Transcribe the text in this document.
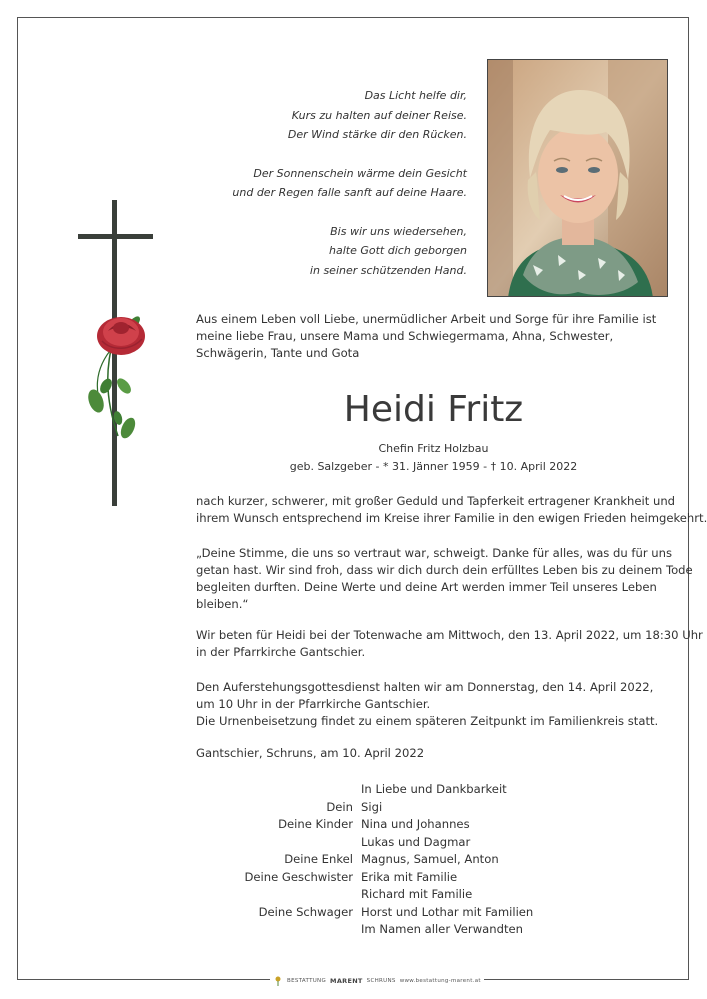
Das Licht helfe dir,
Kurs zu halten auf deiner Reise.
Der Wind stärke dir den Rücken.
Der Sonnenschein wärme dein Gesicht
und der Regen falle sanft auf deine Haare.
Bis wir uns wiedersehen,
halte Gott dich geborgen
in seiner schützenden Hand.
Aus einem Leben voll Liebe, unermüdlicher Arbeit und Sorge für ihre Familie ist meine liebe Frau, unsere Mama und Schwiegermama, Ahna, Schwester, Schwägerin, Tante und Gota
Heidi Fritz
Chefin Fritz Holzbau
geb. Salzgeber - * 31. Jänner 1959 - † 10. April 2022
nach kurzer, schwerer, mit großer Geduld und Tapferkeit ertragener Krankheit und
ihrem Wunsch entsprechend im Kreise ihrer Familie in den ewigen Frieden heimgekehrt.
„Deine Stimme, die uns so vertraut war, schweigt. Danke für alles, was du für uns
getan hast. Wir sind froh, dass wir dich durch dein erfülltes Leben bis zu deinem Tode
begleiten durften. Deine Werte und deine Art werden immer Teil unseres Leben
bleiben.“
Wir beten für Heidi bei der Totenwache am Mittwoch, den 13. April 2022, um 18:30 Uhr
in der Pfarrkirche Gantschier.
Den Auferstehungsgottesdienst halten wir am Donnerstag, den 14. April 2022,
um 10 Uhr in der Pfarrkirche Gantschier.
Die Urnenbeisetzung findet zu einem späteren Zeitpunkt im Familienkreis statt.
Gantschier, Schruns, am 10. April 2022
In Liebe und Dankbarkeit
Dein Sigi
Deine Kinder Nina und Johannes
Lukas und Dagmar
Deine Enkel Magnus, Samuel, Anton
Deine Geschwister Erika mit Familie
Richard mit Familie
Deine Schwager Horst und Lothar mit Familien
Im Namen aller Verwandten
BESTATTUNG MARENT SCHRUNS www.bestattung-marent.at
